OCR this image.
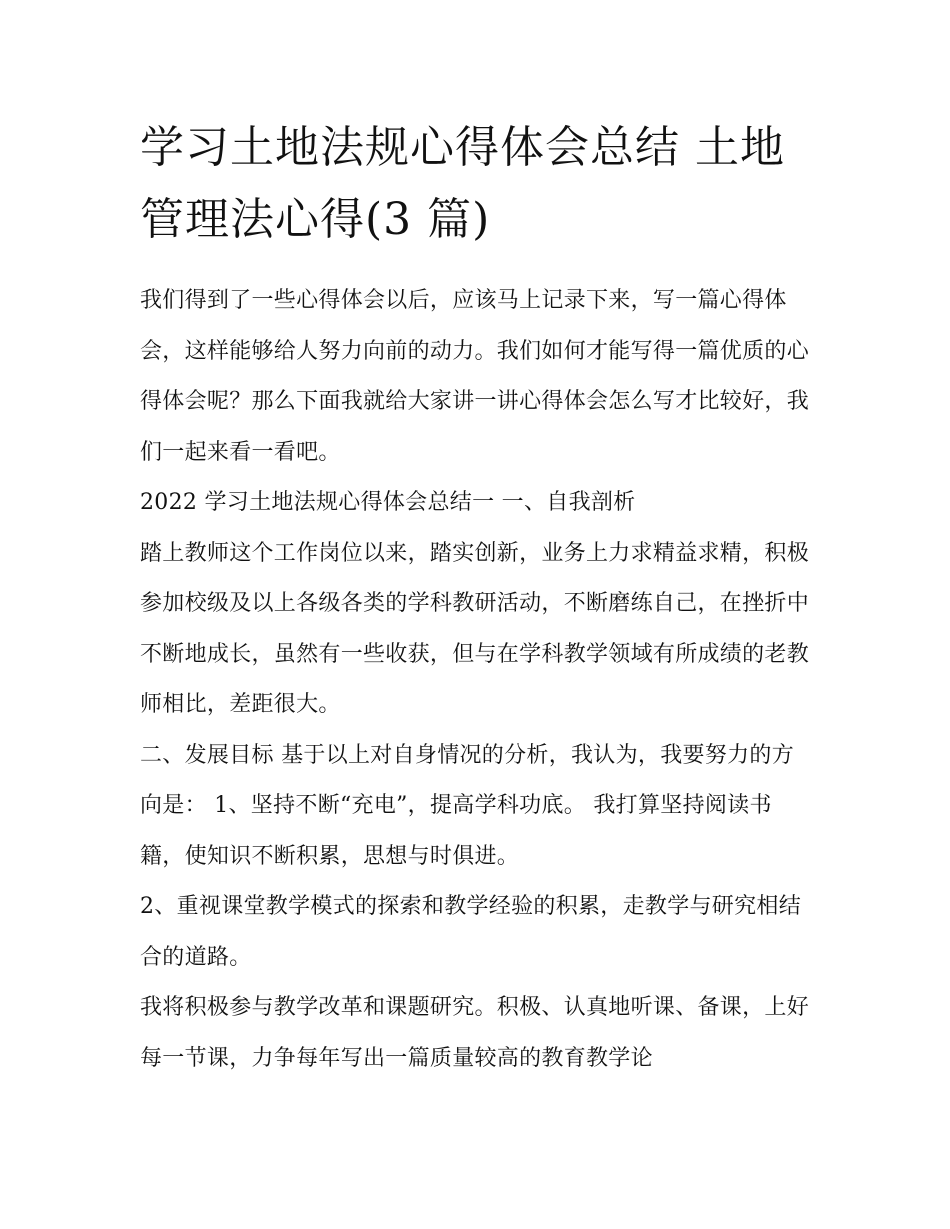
学习土地法规心得体会总结 土地管理法心得(3 篇)

我们得到了一些心得体会以后，应该马上记录下来，写一篇心得体会，这样能够给人努力向前的动力。我们如何才能写得一篇优质的心得体会呢？那么下面我就给大家讲一讲心得体会怎么写才比较好，我们一起来看一看吧。

2022 学习土地法规心得体会总结一 一、自我剖析

踏上教师这个工作岗位以来，踏实创新，业务上力求精益求精，积极参加校级及以上各级各类的学科教研活动，不断磨练自己，在挫折中不断地成长，虽然有一些收获，但与在学科教学领域有所成绩的老教师相比，差距很大。

二、发展目标 基于以上对自身情况的分析，我认为，我要努力的方向是： 1、坚持不断“充电”，提高学科功底。 我打算坚持阅读书籍，使知识不断积累，思想与时俱进。

2、重视课堂教学模式的探索和教学经验的积累，走教学与研究相结合的道路。

我将积极参与教学改革和课题研究。积极、认真地听课、备课，上好每一节课，力争每年写出一篇质量较高的教育教学论
